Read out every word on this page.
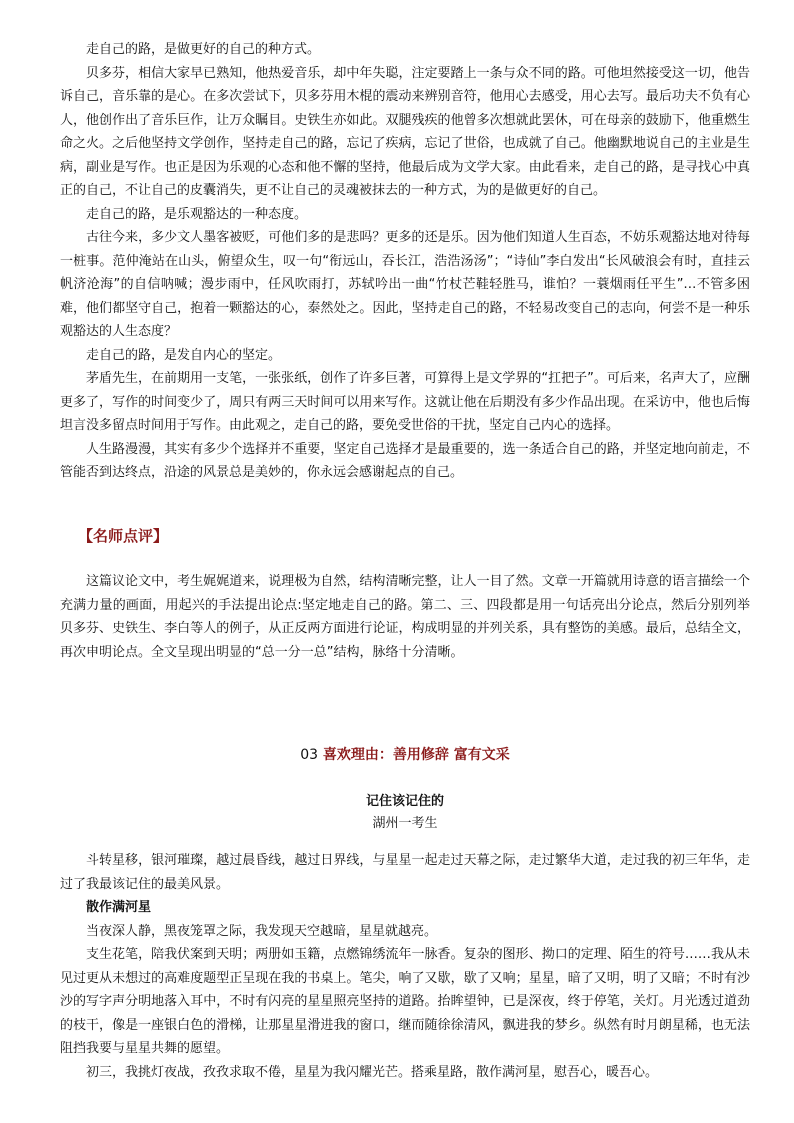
走自己的路，是做更好的自己的种方式。

贝多芬，相信大家早已熟知，他热爱音乐，却中年失聪，注定要踏上一条与众不同的路。可他坦然接受这一切，他告诉自己，音乐靠的是心。在多次尝试下，贝多芬用木棍的震动来辨别音符，他用心去感受，用心去写。最后功夫不负有心人，他创作出了音乐巨作，让万众瞩目。史铁生亦如此。双腿残疾的他曾多次想就此罢休，可在母亲的鼓励下，他重燃生命之火。之后他坚持文学创作，坚持走自己的路，忘记了疾病，忘记了世俗，也成就了自己。他幽默地说自己的主业是生病，副业是写作。也正是因为乐观的心态和他不懈的坚持，他最后成为文学大家。由此看来，走自己的路，是寻找心中真正的自己，不让自己的皮囊消失，更不让自己的灵魂被抹去的一种方式，为的是做更好的自己。

走自己的路，是乐观豁达的一种态度。

古往今来，多少文人墨客被贬，可他们多的是悲吗？更多的还是乐。因为他们知道人生百态，不妨乐观豁达地对待每一桩事。范仲淹站在山头，俯望众生，叹一句“衔远山，吞长江，浩浩汤汤”；“诗仙”李白发出“长风破浪会有时，直挂云帆济沧海”的自信呐喊；漫步雨中，任风吹雨打，苏轼吟出一曲“竹杖芒鞋轻胜马，谁怕？一蓑烟雨任平生”…不管多困难，他们都坚守自己，抱着一颗豁达的心，泰然处之。因此，坚持走自己的路，不轻易改变自己的志向，何尝不是一种乐观豁达的人生态度？

走自己的路，是发自内心的坚定。

茅盾先生，在前期用一支笔，一张张纸，创作了许多巨著，可算得上是文学界的“扛把子”。可后来，名声大了，应酬更多了，写作的时间变少了，周只有两三天时间可以用来写作。这就让他在后期没有多少作品出现。在采访中，他也后悔坦言没多留点时间用于写作。由此观之，走自己的路，要免受世俗的干扰，坚定自己内心的选择。

人生路漫漫，其实有多少个选择并不重要，坚定自己选择才是最重要的，选一条适合自己的路，并坚定地向前走，不管能否到达终点，沿途的风景总是美妙的，你永远会感谢起点的自己。

【名师点评】

这篇议论文中，考生娓娓道来，说理极为自然，结构清晰完整，让人一目了然。文章一开篇就用诗意的语言描绘一个充满力量的画面，用起兴的手法提出论点:坚定地走自己的路。第二、三、四段都是用一句话亮出分论点，然后分别列举贝多芬、史铁生、李白等人的例子，从正反两方面进行论证，构成明显的并列关系，具有整饬的美感。最后，总结全文，再次申明论点。全文呈现出明显的“总一分一总”结构，脉络十分清晰。

03 喜欢理由：善用修辞 富有文采

记住该记住的

湖州一考生

斗转星移，银河璀璨，越过晨昏线，越过日界线，与星星一起走过天幕之际，走过繁华大道，走过我的初三年华，走过了我最该记住的最美风景。

散作满河星

当夜深人静，黑夜笼罩之际，我发现天空越暗，星星就越亮。

支生花笔，陪我伏案到天明；两册如玉籍，点燃锦绣流年一脉香。复杂的图形、拗口的定理、陌生的符号……我从未见过更从未想过的高难度题型正呈现在我的书桌上。笔尖，响了又歇，歇了又响；星星，暗了又明，明了又暗；不时有沙沙的写字声分明地落入耳中，不时有闪亮的星星照亮坚持的道路。抬眸望钟，已是深夜，终于停笔，关灯。月光透过道劲的枝干，像是一座银白色的滑梯，让那星星滑进我的窗口，继而随徐徐清风，飘进我的梦乡。纵然有时月朗星稀，也无法阻挡我要与星星共舞的愿望。

初三，我挑灯夜战，孜孜求取不倦，星星为我闪耀光芒。搭乘星路，散作满河星，慰吾心，暖吾心。
